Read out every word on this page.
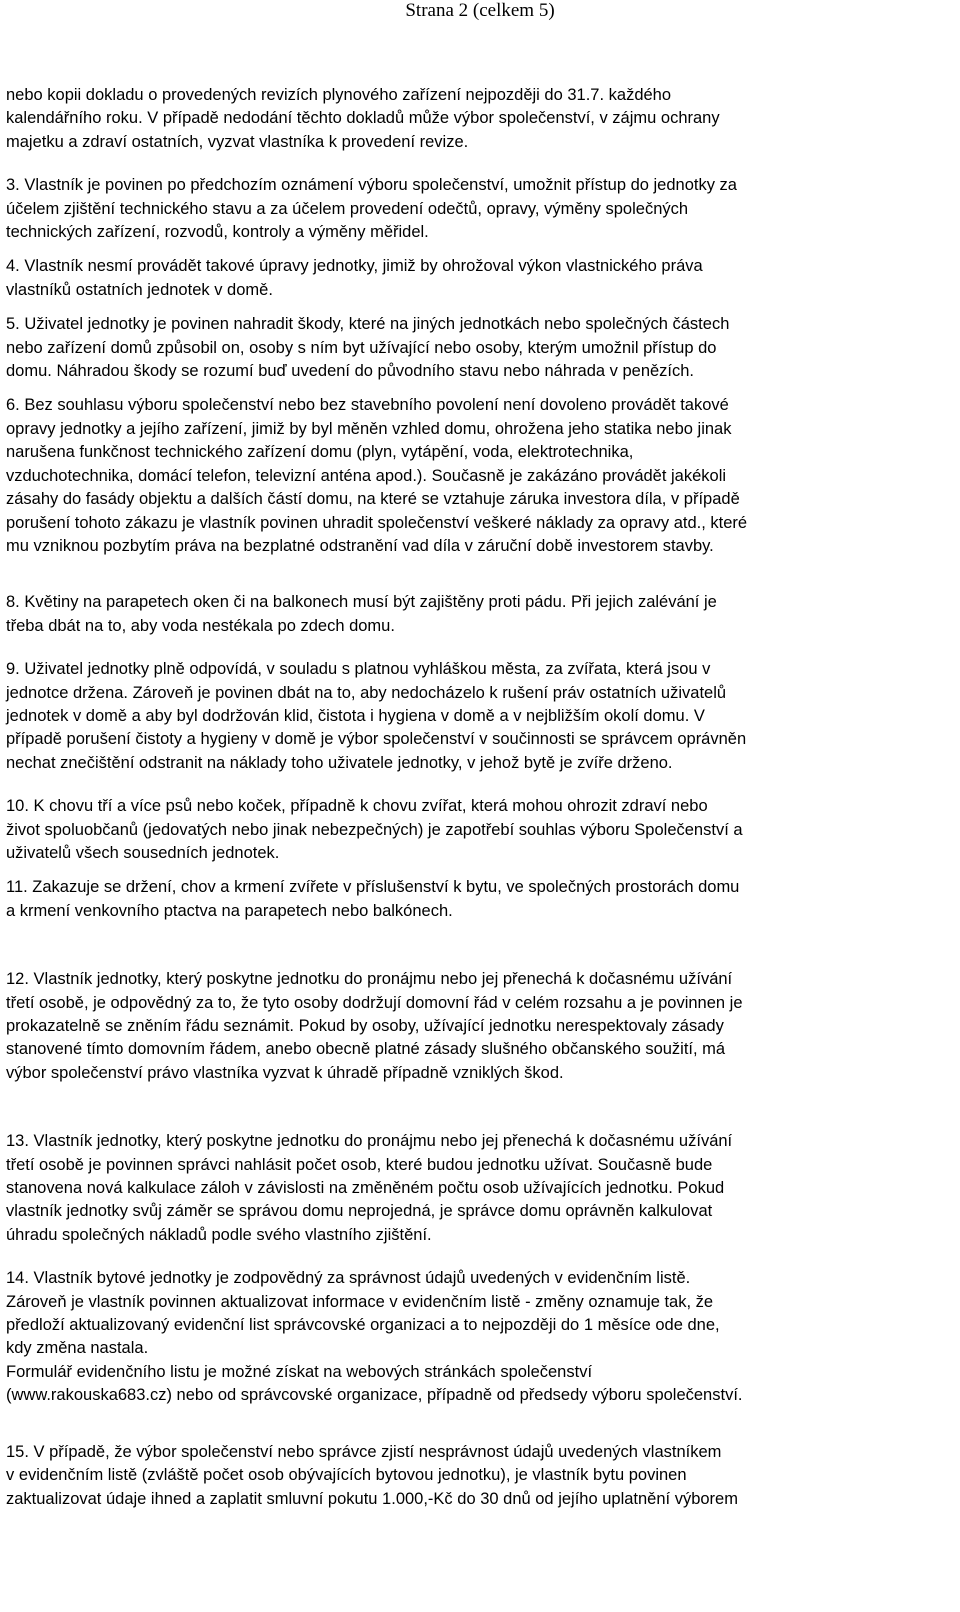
Strana 2 (celkem 5)

nebo kopii dokladu o provedených revizích plynového zařízení nejpozději do 31.7. každého
kalendářního roku. V případě nedodání těchto dokladů může výbor společenství, v zájmu ochrany
majetku a zdraví ostatních, vyzvat vlastníka k provedení revize.

3. Vlastník je povinen po předchozím oznámení výboru společenství, umožnit přístup do jednotky za
účelem zjištění technického stavu a za účelem provedení odečtů, opravy, výměny společných
technických zařízení, rozvodů, kontroly a výměny měřidel.

4. Vlastník nesmí provádět takové úpravy jednotky, jimiž by ohrožoval výkon vlastnického práva
vlastníků ostatních jednotek v domě.

5. Uživatel jednotky je povinen nahradit škody, které na jiných jednotkách nebo společných částech
nebo zařízení domů způsobil on, osoby s ním byt užívající nebo osoby, kterým umožnil přístup do
domu. Náhradou škody se rozumí buď uvedení do původního stavu nebo náhrada v penězích.

6. Bez souhlasu výboru společenství nebo bez stavebního povolení není dovoleno provádět takové
opravy jednotky a jejího zařízení, jimiž by byl měněn vzhled domu, ohrožena jeho statika nebo jinak
narušena funkčnost technického zařízení domu (plyn, vytápění, voda, elektrotechnika,
vzduchotechnika, domácí telefon, televizní anténa apod.). Současně je zakázáno provádět jakékoli
zásahy do fasády objektu a dalších částí domu, na které se vztahuje záruka investora díla, v případě
porušení tohoto zákazu je vlastník povinen uhradit společenství veškeré náklady za opravy atd., které
mu vzniknou pozbytím práva na bezplatné odstranění vad díla v záruční době investorem stavby.

8. Květiny na parapetech oken či na balkonech musí být zajištěny proti pádu. Při jejich zalévání je
třeba dbát na to, aby voda nestékala po zdech domu.

9. Uživatel jednotky plně odpovídá, v souladu s platnou vyhláškou města, za zvířata, která jsou v
jednotce držena. Zároveň je povinen dbát na to, aby nedocházelo k rušení práv ostatních uživatelů
jednotek v domě a aby byl dodržován klid, čistota i hygiena v domě a v nejbližším okolí domu. V
případě porušení čistoty a hygieny v domě je výbor společenství v součinnosti se správcem oprávněn
nechat znečištění odstranit na náklady toho uživatele jednotky, v jehož bytě je zvíře drženo.

10. K chovu tří a více psů nebo koček, případně k chovu zvířat, která mohou ohrozit zdraví nebo
život spoluobčanů (jedovatých nebo jinak nebezpečných) je zapotřebí souhlas výboru Společenství a
uživatelů všech sousedních jednotek.

11. Zakazuje se držení, chov a krmení zvířete v příslušenství k bytu, ve společných prostorách domu
a krmení venkovního ptactva na parapetech nebo balkónech.

12. Vlastník jednotky, který poskytne jednotku do pronájmu nebo jej přenechá k dočasnému užívání
třetí osobě, je odpovědný za to, že tyto osoby dodržují domovní řád v celém rozsahu a je povinnen je
prokazatelně se zněním řádu seznámit. Pokud by osoby, užívající jednotku nerespektovaly zásady
stanovené tímto domovním řádem, anebo obecně platné zásady slušného občanského soužití, má
výbor společenství právo vlastníka vyzvat k úhradě případně vzniklých škod.

13. Vlastník jednotky, který poskytne jednotku do pronájmu nebo jej přenechá k dočasnému užívání
třetí osobě je povinnen správci nahlásit počet osob, které budou jednotku užívat. Současně bude
stanovena nová kalkulace záloh v závislosti na změněném počtu osob užívajících jednotku. Pokud
vlastník jednotky svůj záměr se správou domu neprojedná, je správce domu oprávněn kalkulovat
úhradu společných nákladů podle svého vlastního zjištění.

14. Vlastník bytové jednotky je zodpovědný za správnost údajů uvedených v evidenčním listě.
Zároveň je vlastník povinnen aktualizovat informace v evidenčním listě - změny oznamuje tak, že
předloží aktualizovaný evidenční list správcovské organizaci a to nejpozději do 1 měsíce ode dne,
kdy změna nastala.
Formulář evidenčního listu je možné získat na webových stránkách společenství
(www.rakouska683.cz) nebo od správcovské organizace, případně od předsedy výboru společenství.

15. V případě, že výbor společenství nebo správce zjistí nesprávnost údajů uvedených vlastníkem
v evidenčním listě (zvláště počet osob obývajících bytovou jednotku), je vlastník bytu povinen
zaktualizovat údaje ihned a zaplatit smluvní pokutu 1.000,-Kč do 30 dnů od jejího uplatnění výborem
